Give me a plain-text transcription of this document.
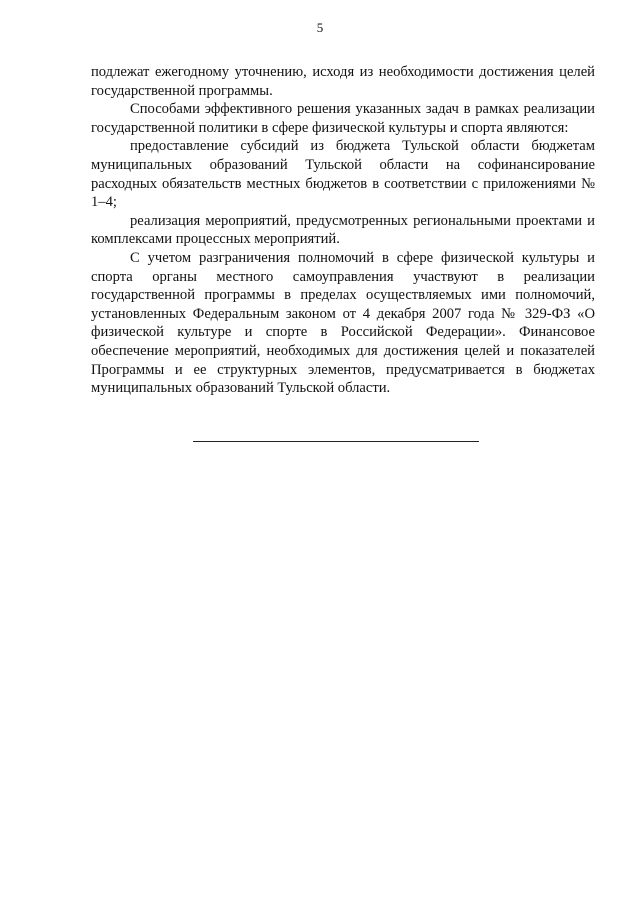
5

подлежат ежегодному уточнению, исходя из необходимости достижения целей государственной программы.

Способами эффективного решения указанных задач в рамках реализации государственной политики в сфере физической культуры и спорта являются:

предоставление субсидий из бюджета Тульской области бюджетам муниципальных образований Тульской области на софинансирование расходных обязательств местных бюджетов в соответствии с приложениями № 1–4;

реализация мероприятий, предусмотренных региональными проектами и комплексами процессных мероприятий.

С учетом разграничения полномочий в сфере физической культуры и спорта органы местного самоуправления участвуют в реализации государственной программы в пределах осуществляемых ими полномочий, установленных Федеральным законом от 4 декабря 2007 года № 329-ФЗ «О физической культуре и спорте в Российской Федерации». Финансовое обеспечение мероприятий, необходимых для достижения целей и показателей Программы и ее структурных элементов, предусматривается в бюджетах муниципальных образований Тульской области.
